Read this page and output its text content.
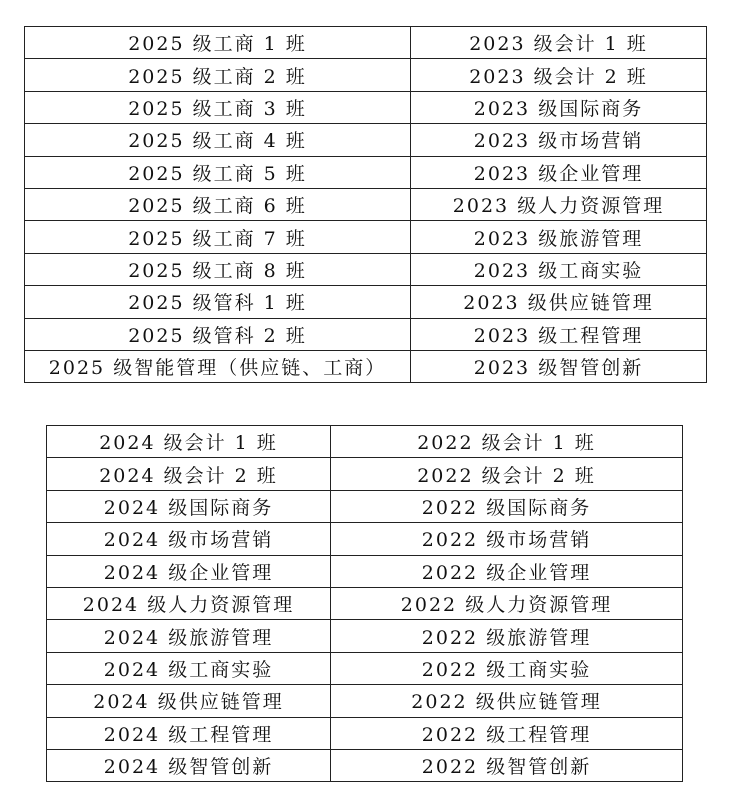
2025 级工商 1 班	2023 级会计 1 班
2025 级工商 2 班	2023 级会计 2 班
2025 级工商 3 班	2023 级国际商务
2025 级工商 4 班	2023 级市场营销
2025 级工商 5 班	2023 级企业管理
2025 级工商 6 班	2023 级人力资源管理
2025 级工商 7 班	2023 级旅游管理
2025 级工商 8 班	2023 级工商实验
2025 级管科 1 班	2023 级供应链管理
2025 级管科 2 班	2023 级工程管理
2025 级智能管理（供应链、工商）	2023 级智管创新
2024 级会计 1 班	2022 级会计 1 班
2024 级会计 2 班	2022 级会计 2 班
2024 级国际商务	2022 级国际商务
2024 级市场营销	2022 级市场营销
2024 级企业管理	2022 级企业管理
2024 级人力资源管理	2022 级人力资源管理
2024 级旅游管理	2022 级旅游管理
2024 级工商实验	2022 级工商实验
2024 级供应链管理	2022 级供应链管理
2024 级工程管理	2022 级工程管理
2024 级智管创新	2022 级智管创新
